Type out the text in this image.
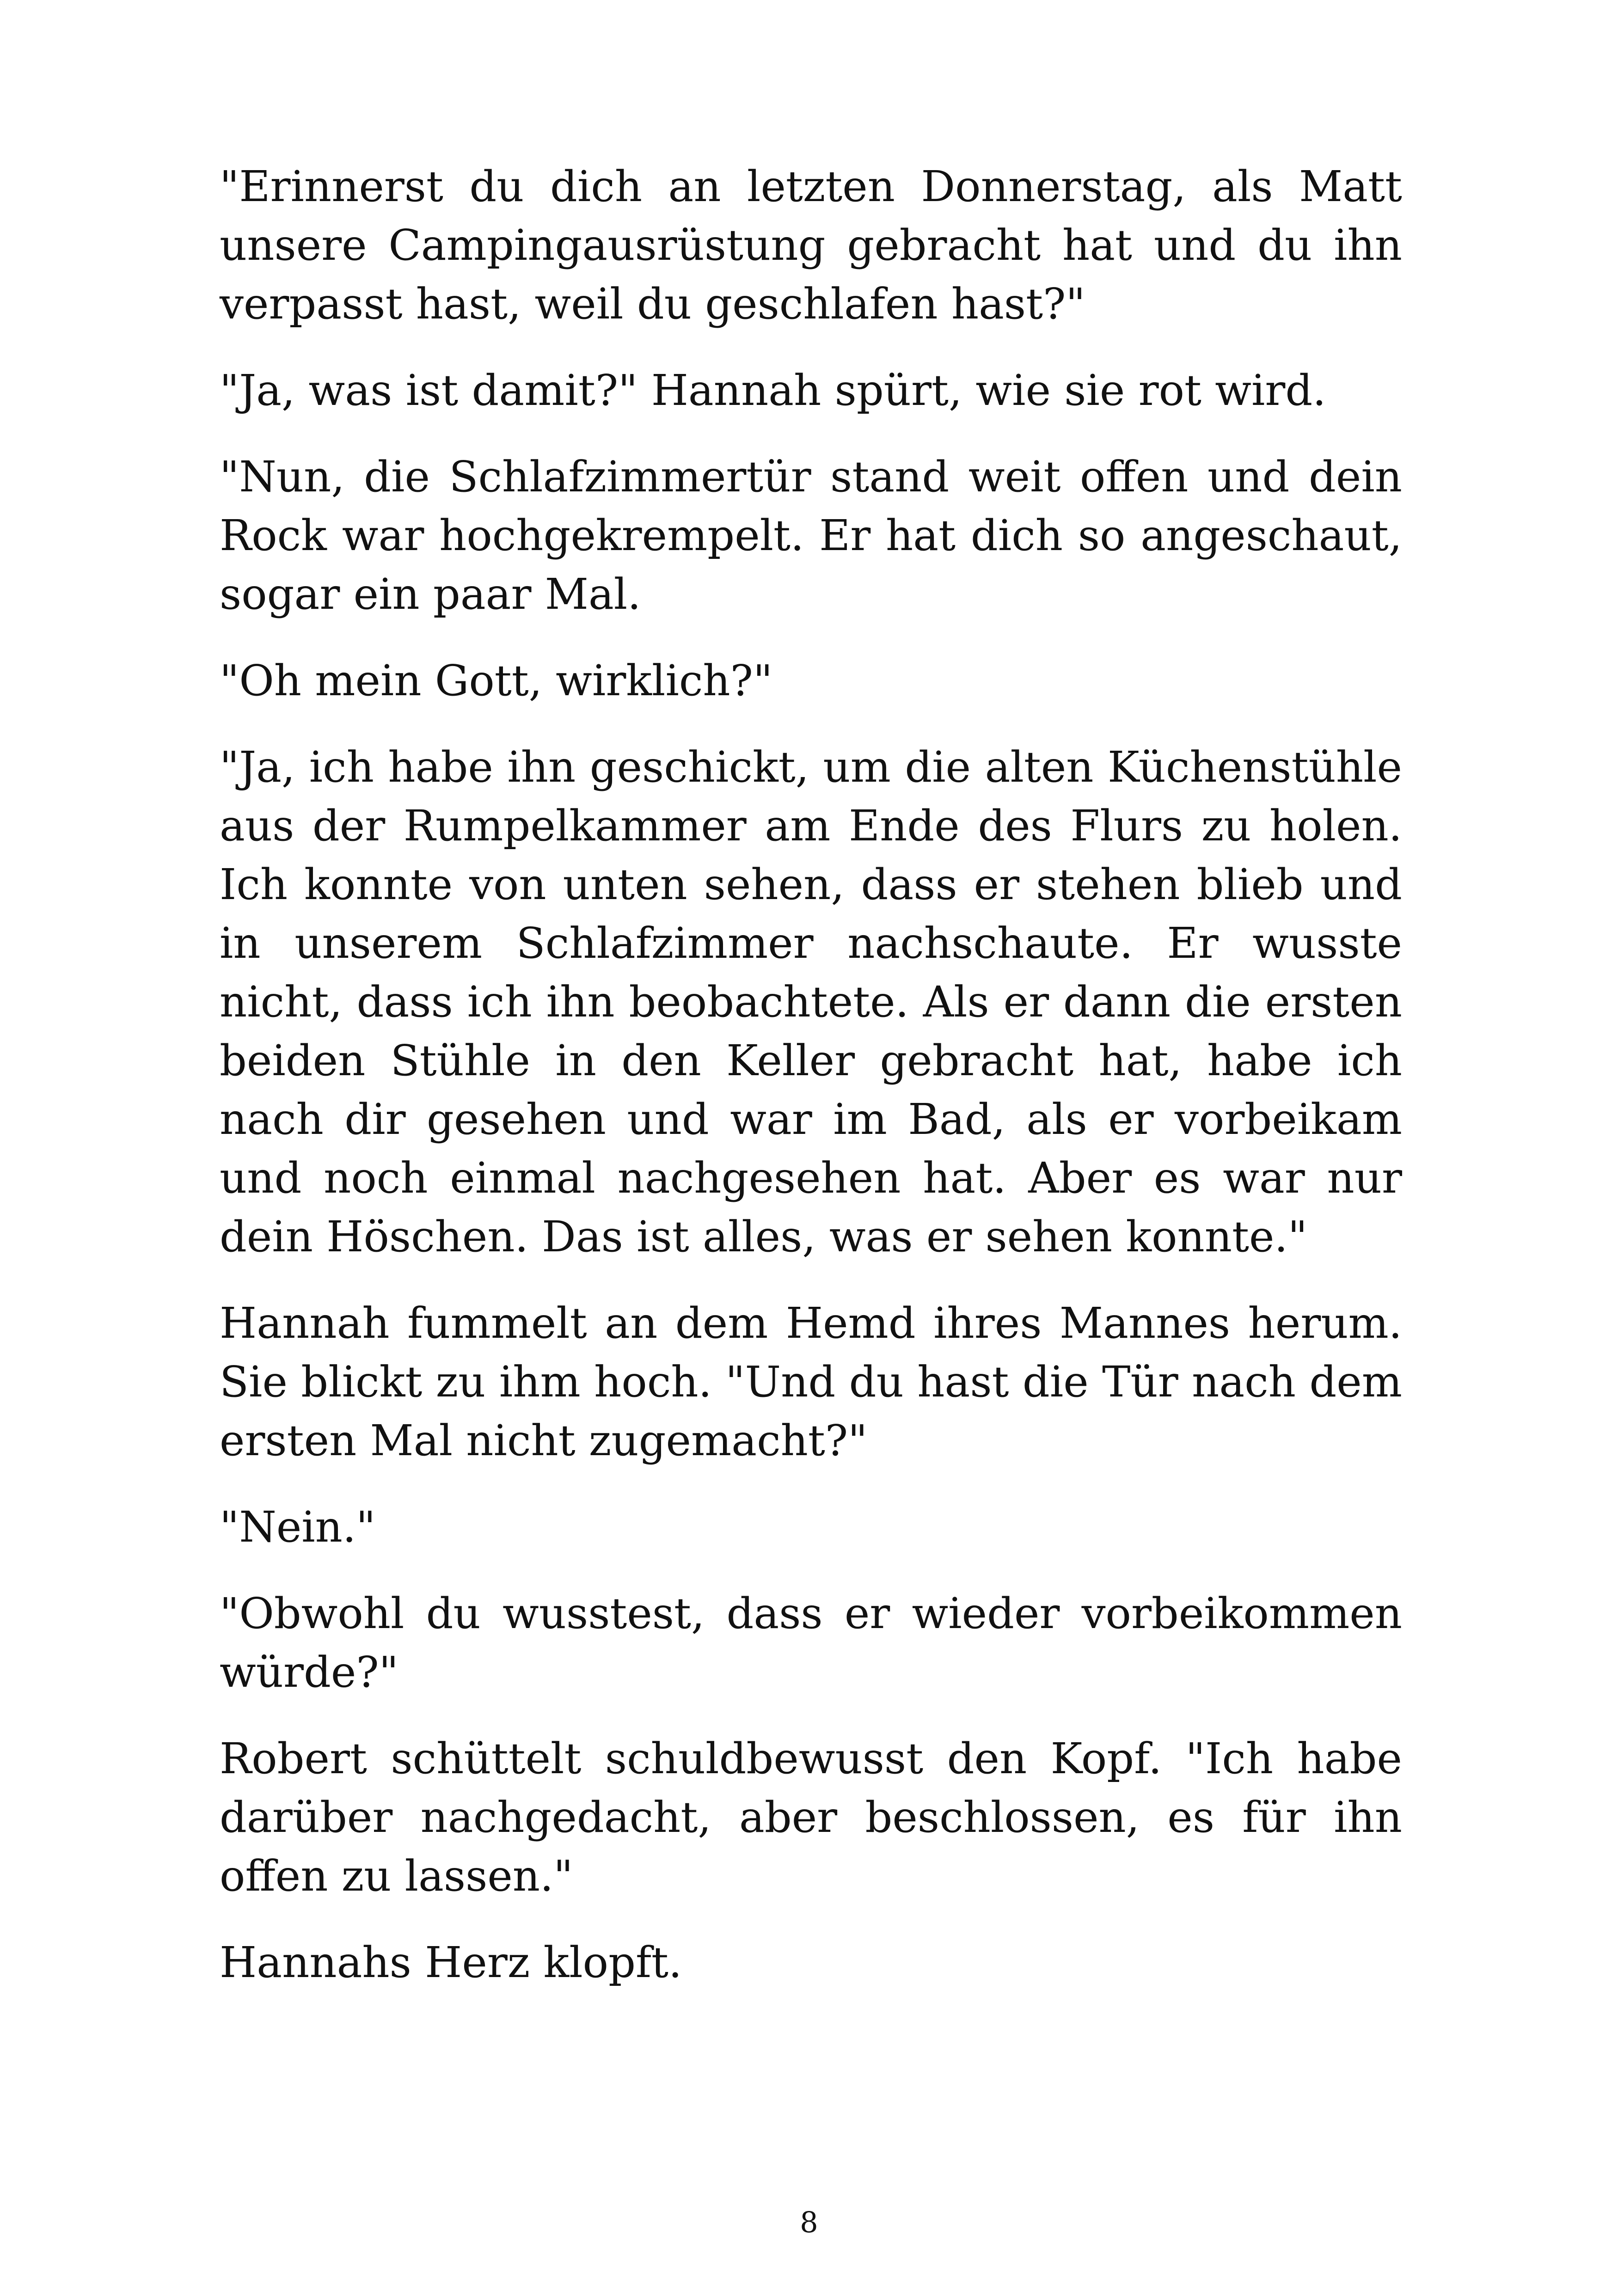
"Erinnerst du dich an letzten Donnerstag, als Matt unsere Campingausrüstung gebracht hat und du ihn verpasst hast, weil du geschlafen hast?"

"Ja, was ist damit?" Hannah spürt, wie sie rot wird.

"Nun, die Schlafzimmertür stand weit offen und dein Rock war hochgekrempelt. Er hat dich so angeschaut, sogar ein paar Mal.

"Oh mein Gott, wirklich?"

"Ja, ich habe ihn geschickt, um die alten Küchenstühle aus der Rumpelkammer am Ende des Flurs zu holen. Ich konnte von unten sehen, dass er stehen blieb und in unserem Schlafzimmer nachschaute. Er wusste nicht, dass ich ihn beobachtete. Als er dann die ersten beiden Stühle in den Keller gebracht hat, habe ich nach dir gesehen und war im Bad, als er vorbeikam und noch einmal nachgesehen hat. Aber es war nur dein Höschen. Das ist alles, was er sehen konnte."

Hannah fummelt an dem Hemd ihres Mannes herum. Sie blickt zu ihm hoch. "Und du hast die Tür nach dem ersten Mal nicht zugemacht?"

"Nein."

"Obwohl du wusstest, dass er wieder vorbeikommen würde?"

Robert schüttelt schuldbewusst den Kopf. "Ich habe darüber nachgedacht, aber beschlossen, es für ihn offen zu lassen."

Hannahs Herz klopft.

8
